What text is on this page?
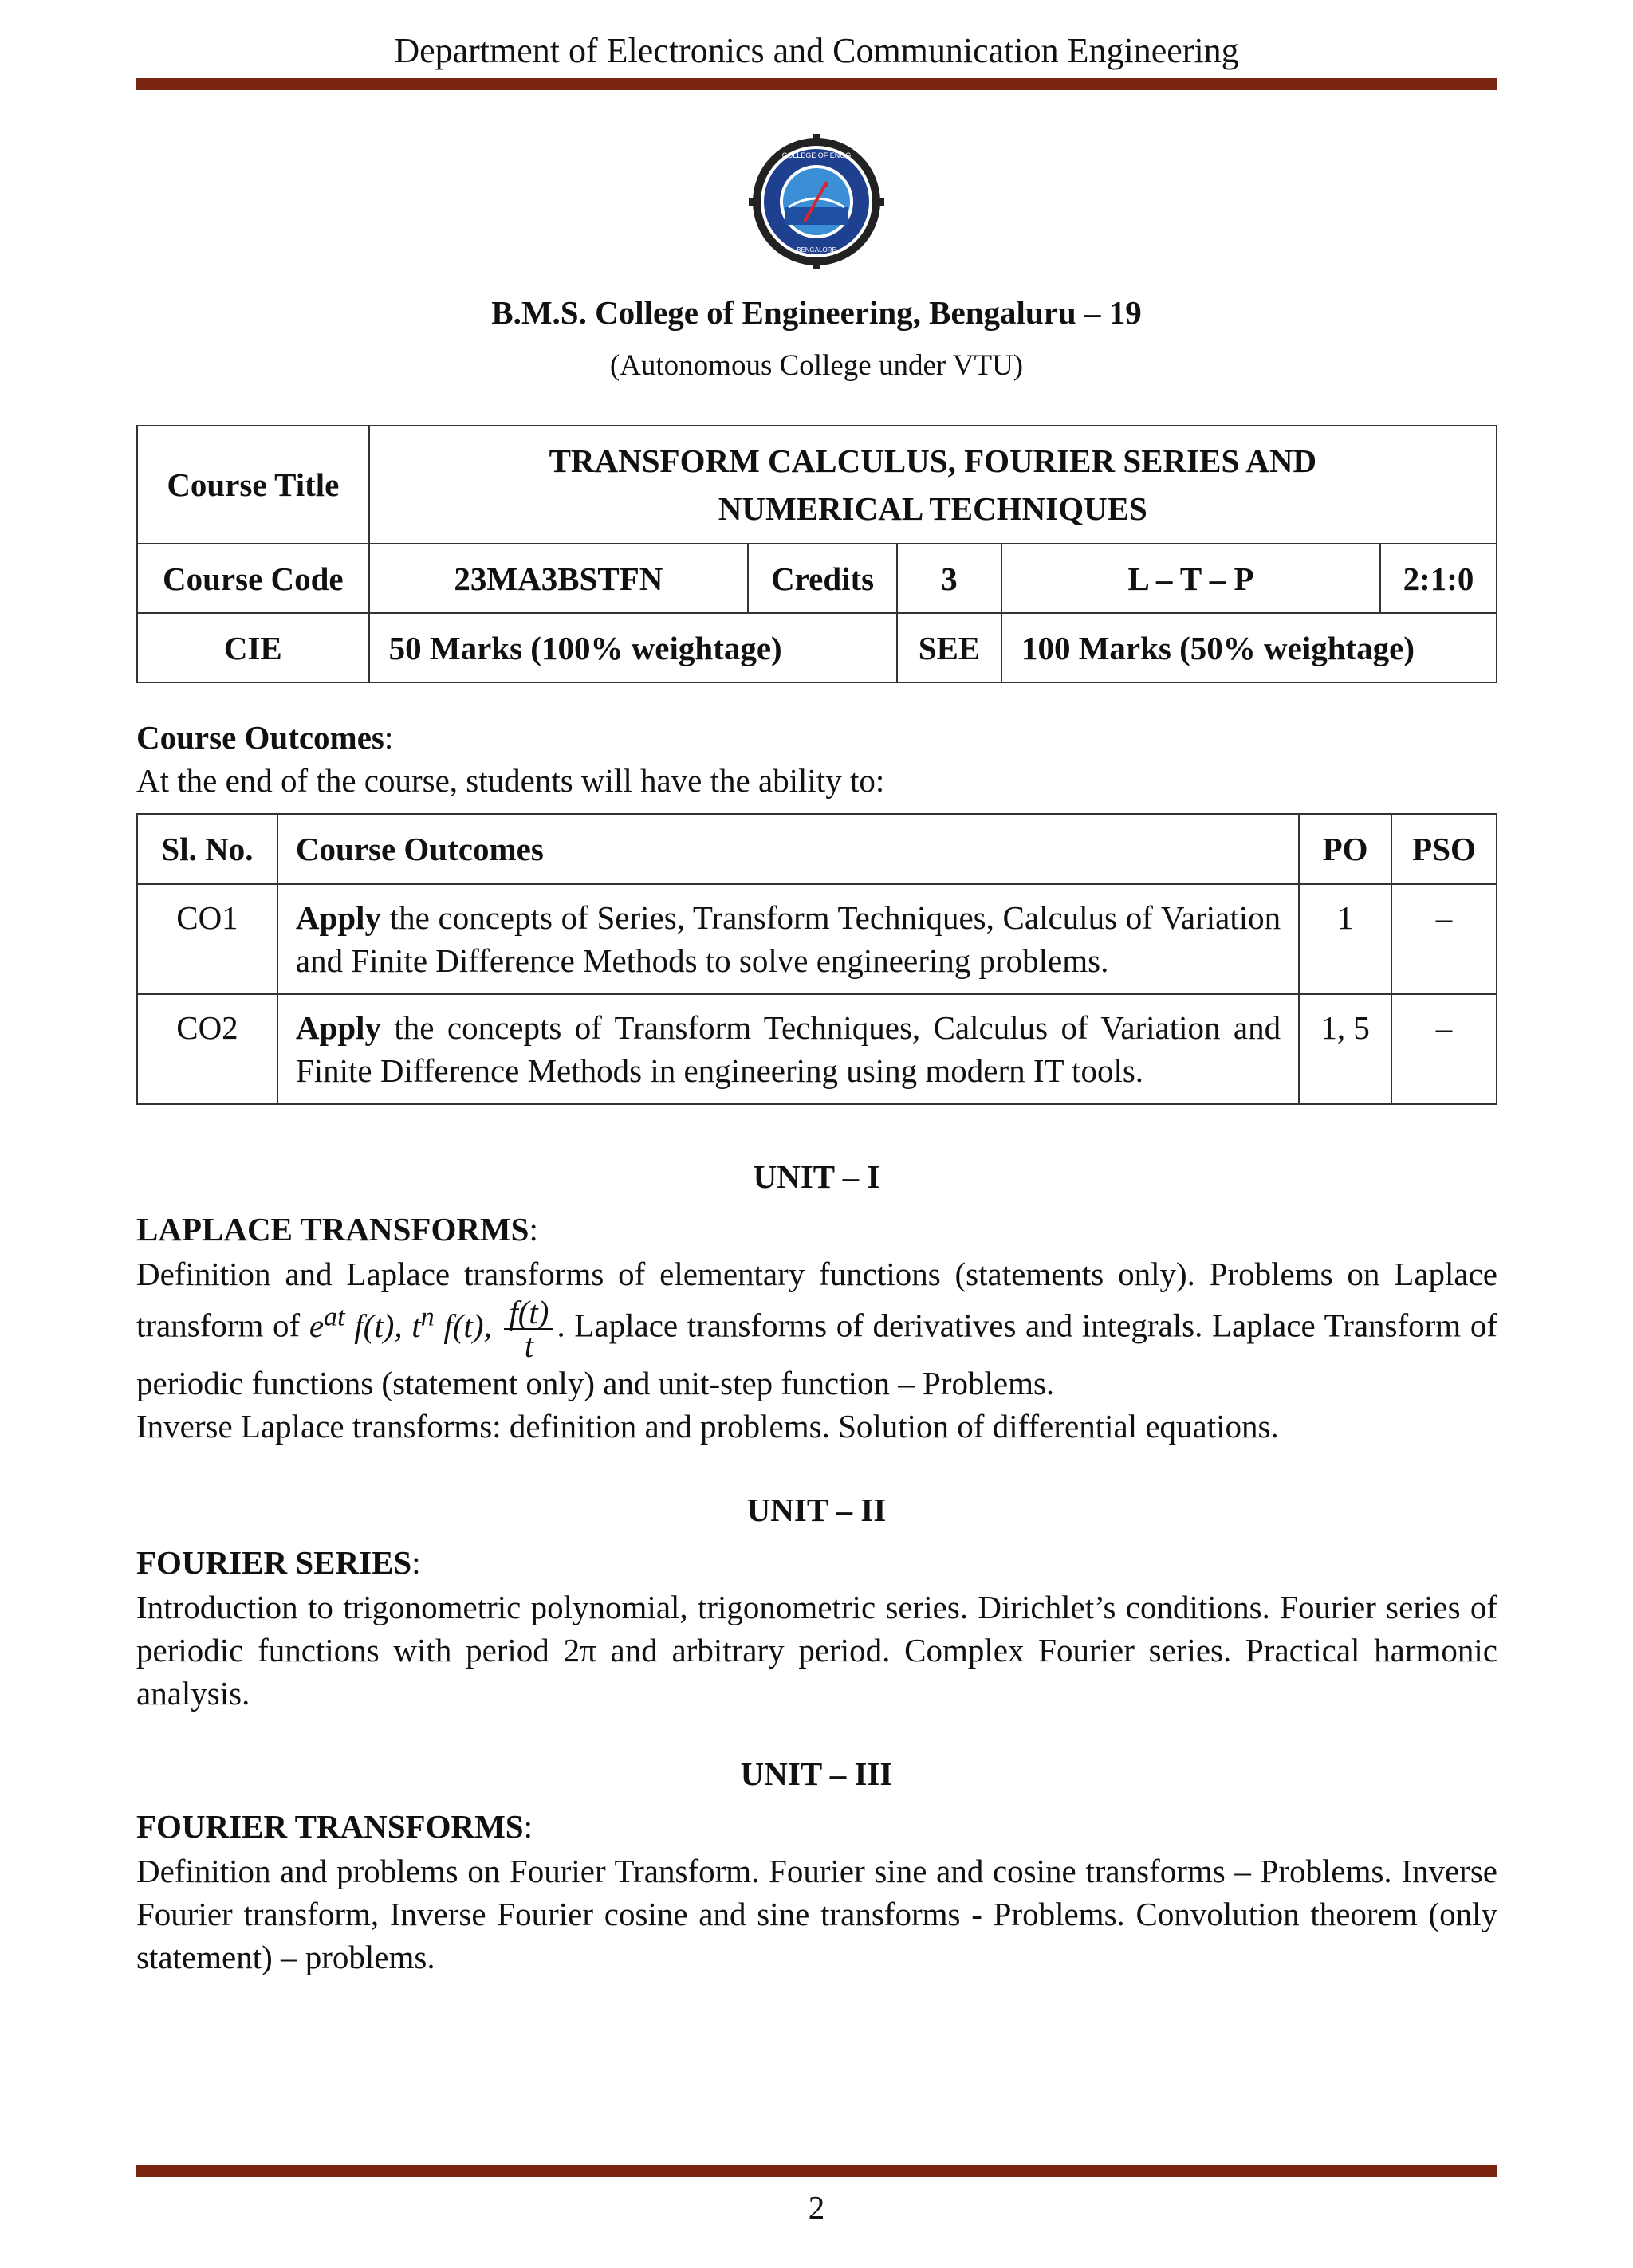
Department of Electronics and Communication Engineering
COLLEGE OF ENGG
BENGALORE
B.M.S. College of Engineering, Bengaluru – 19
(Autonomous College under VTU)
Course Title	TRANSFORM CALCULUS, FOURIER SERIES AND
NUMERICAL TECHNIQUES				
Course Code	23MA3BSTFN	Credits	3	L – T – P	2:1:0
CIE	50 Marks (100% weightage)		SEE	100 Marks (50% weightage)	
Course Outcomes:
At the end of the course, students will have the ability to:
Sl. No.	Course Outcomes	PO	PSO
CO1	Apply the concepts of Series, Transform Techniques, Calculus of Variation and Finite Difference Methods to solve engineering problems.	1	–
CO2	Apply the concepts of Transform Techniques, Calculus of Variation and Finite Difference Methods in engineering using modern IT tools.	1, 5	–
UNIT – I
LAPLACE TRANSFORMS:

Definition and Laplace transforms of elementary functions (statements only). Problems on Laplace transform of $e^{at}$ f(t), $t^n$ f(t), $\frac{f(t)}{t}$ . Laplace transforms of derivatives and integrals. Laplace Transform of periodic functions (statement only) and unit-step function – Problems.
Inverse Laplace transforms: definition and problems. Solution of differential equations.

UNIT – II
FOURIER SERIES:

Introduction to trigonometric polynomial, trigonometric series. Dirichlet’s conditions. Fourier series of periodic functions with period 2π and arbitrary period. Complex Fourier series. Practical harmonic analysis.

UNIT – III
FOURIER TRANSFORMS:

Definition and problems on Fourier Transform. Fourier sine and cosine transforms – Problems. Inverse Fourier transform, Inverse Fourier cosine and sine transforms - Problems. Convolution theorem (only statement) – problems.

2
